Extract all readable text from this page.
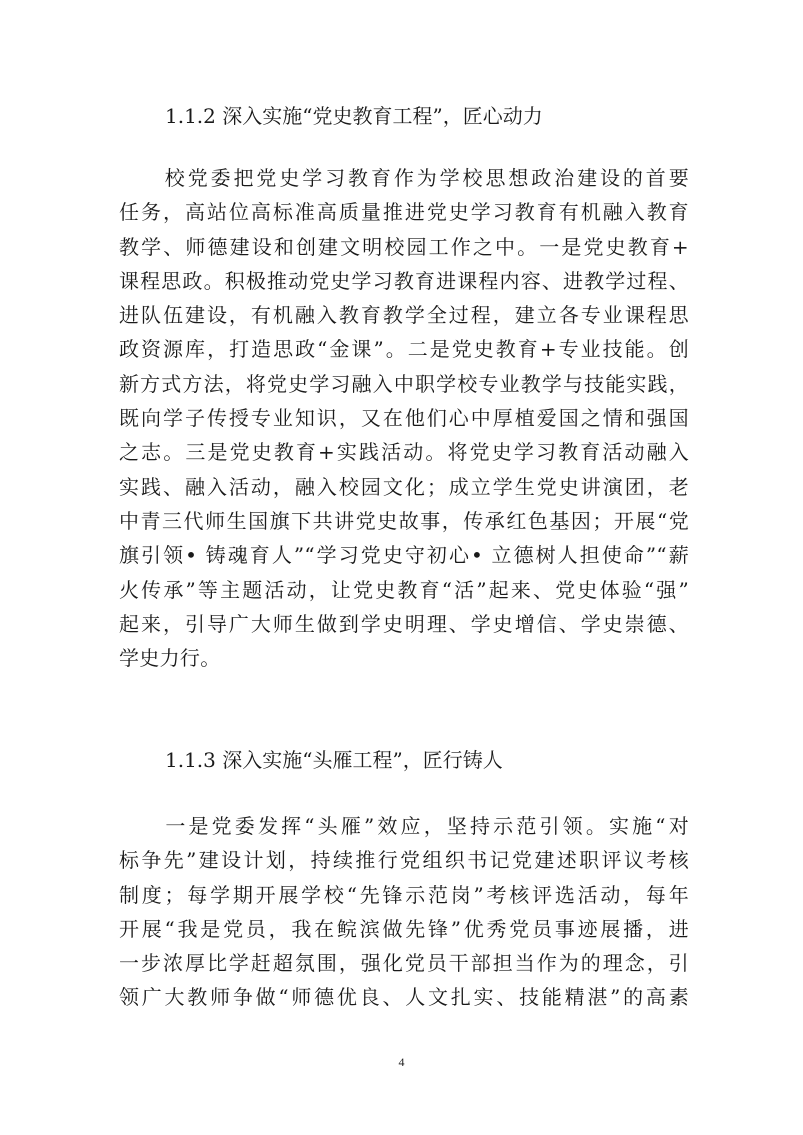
1.1.2 深入实施“党史教育工程”，匠心动力
　　校党委把党史学习教育作为学校思想政治建设的首要
任务，高站位高标准高质量推进党史学习教育有机融入教育
教学、师德建设和创建文明校园工作之中。一是党史教育+
课程思政。积极推动党史学习教育进课程内容、进教学过程、
进队伍建设，有机融入教育教学全过程，建立各专业课程思
政资源库，打造思政“金课”。二是党史教育+专业技能。创
新方式方法，将党史学习融入中职学校专业教学与技能实践，
既向学子传授专业知识，又在他们心中厚植爱国之情和强国
之志。三是党史教育+实践活动。将党史学习教育活动融入
实践、融入活动，融入校园文化；成立学生党史讲演团，老
中青三代师生国旗下共讲党史故事，传承红色基因；开展“党
旗引领• 铸魂育人”“学习党史守初心• 立德树人担使命”“薪
火传承”等主题活动，让党史教育“活”起来、党史体验“强”
起来，引导广大师生做到学史明理、学史增信、学史崇德、
学史力行。
1.1.3 深入实施“头雁工程”，匠行铸人
　　一是党委发挥“头雁”效应，坚持示范引领。实施“对
标争先”建设计划，持续推行党组织书记党建述职评议考核
制度；每学期开展学校“先锋示范岗”考核评选活动，每年
开展“我是党员，我在鲩滨做先锋”优秀党员事迹展播，进
一步浓厚比学赶超氛围，强化党员干部担当作为的理念，引
领广大教师争做“师德优良、人文扎实、技能精湛”的高素
4
